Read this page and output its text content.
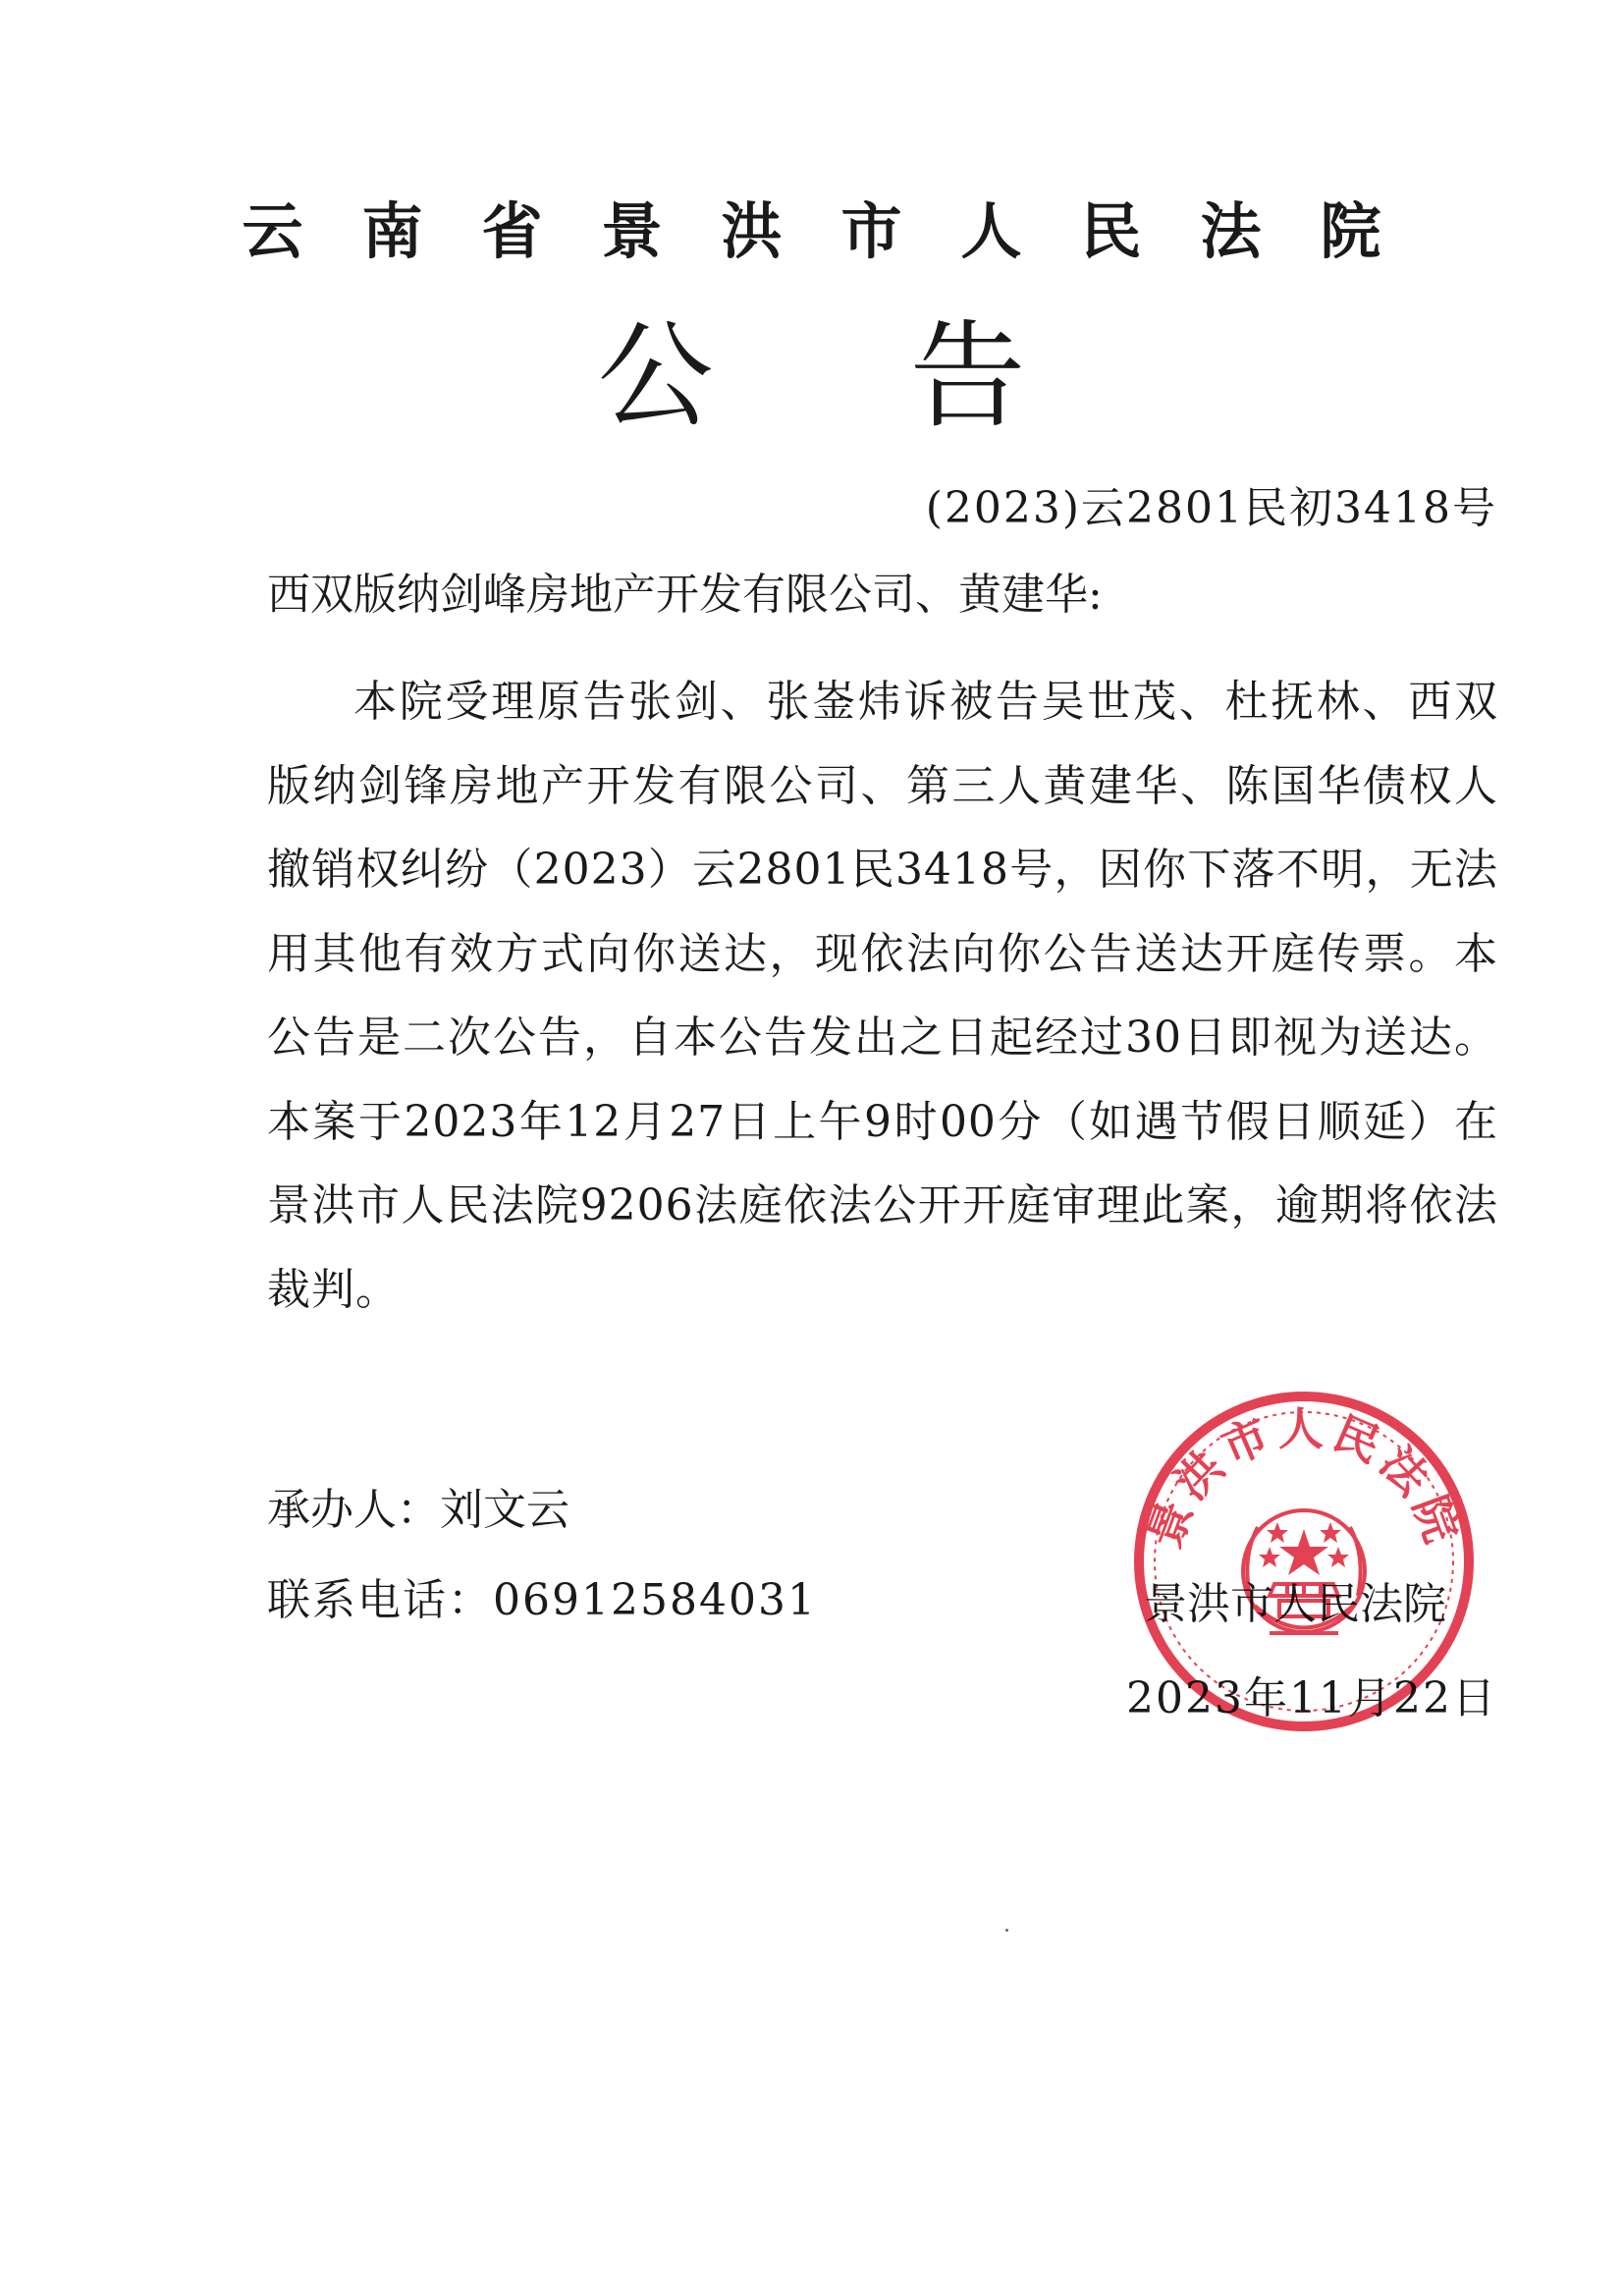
云南省景洪市人民法院
公告
(2023)云2801民初3418号
西双版纳剑峰房地产开发有限公司、黄建华:
本院受理原告张剑、张崟炜诉被告吴世茂、杜抚林、西双版纳剑锋房地产开发有限公司、第三人黄建华、陈国华债权人撤销权纠纷（2023）云2801民3418号，因你下落不明，无法用其他有效方式向你送达，现依法向你公告送达开庭传票。本公告是二次公告，自本公告发出之日起经过30日即视为送达。本案于2023年12月27日上午9时00分（如遇节假日顺延）在景洪市人民法院9206法庭依法公开开庭审理此案，逾期将依法裁判。
承办人：刘文云
联系电话：06912584031	景洪市人民法院
2023年11月22日
景洪市人民法院
